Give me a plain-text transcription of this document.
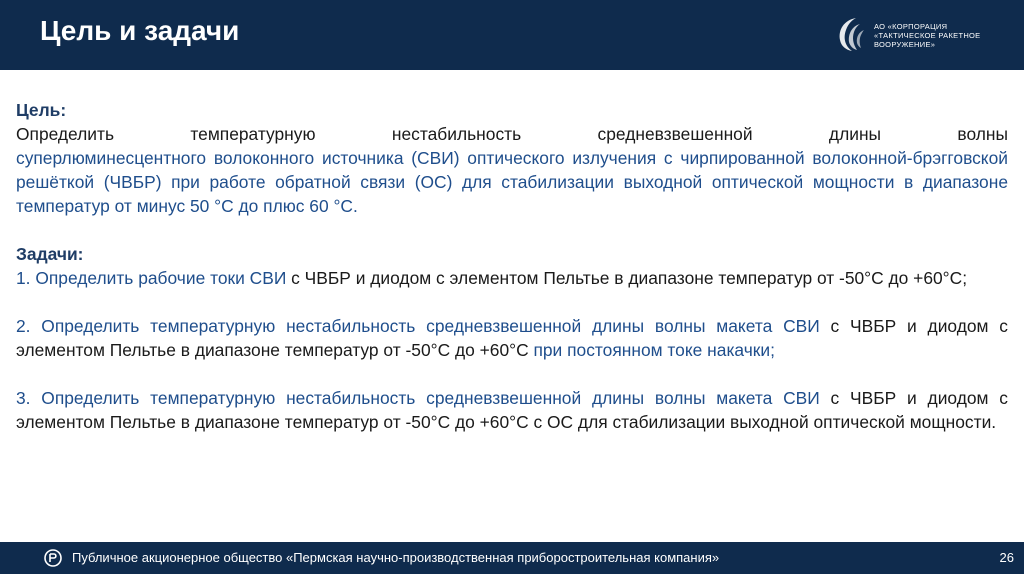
Цель и задачи	АО «КОРПОРАЦИЯ
«ТАКТИЧЕСКОЕ РАКЕТНОЕ
ВООРУЖЕНИЕ»
Цель:
Определить температурную нестабильность средневзвешенной длины волны
суперлюминесцентного волоконного источника (СВИ) оптического излучения с чирпированной волоконной-брэгговской решёткой (ЧВБР) при работе обратной связи (ОС) для стабилизации выходной оптической мощности в диапазоне температур от минус 50 °С до плюс 60 °С.
Задачи:
1. Определить рабочие токи СВИ с ЧВБР и диодом с элементом Пельтье в диапазоне температур от -50°С до +60°С;
2. Определить температурную нестабильность средневзвешенной длины волны макета СВИ с ЧВБР и диодом с элементом Пельтье в диапазоне температур от -50°С до +60°С при постоянном токе накачки;
3. Определить температурную нестабильность средневзвешенной длины волны макета СВИ с ЧВБР и диодом с элементом Пельтье в диапазоне температур от -50°С до +60°С с ОС для стабилизации выходной оптической мощности.
Публичное акционерное общество «Пермская научно-производственная приборостроительная компания»	26
